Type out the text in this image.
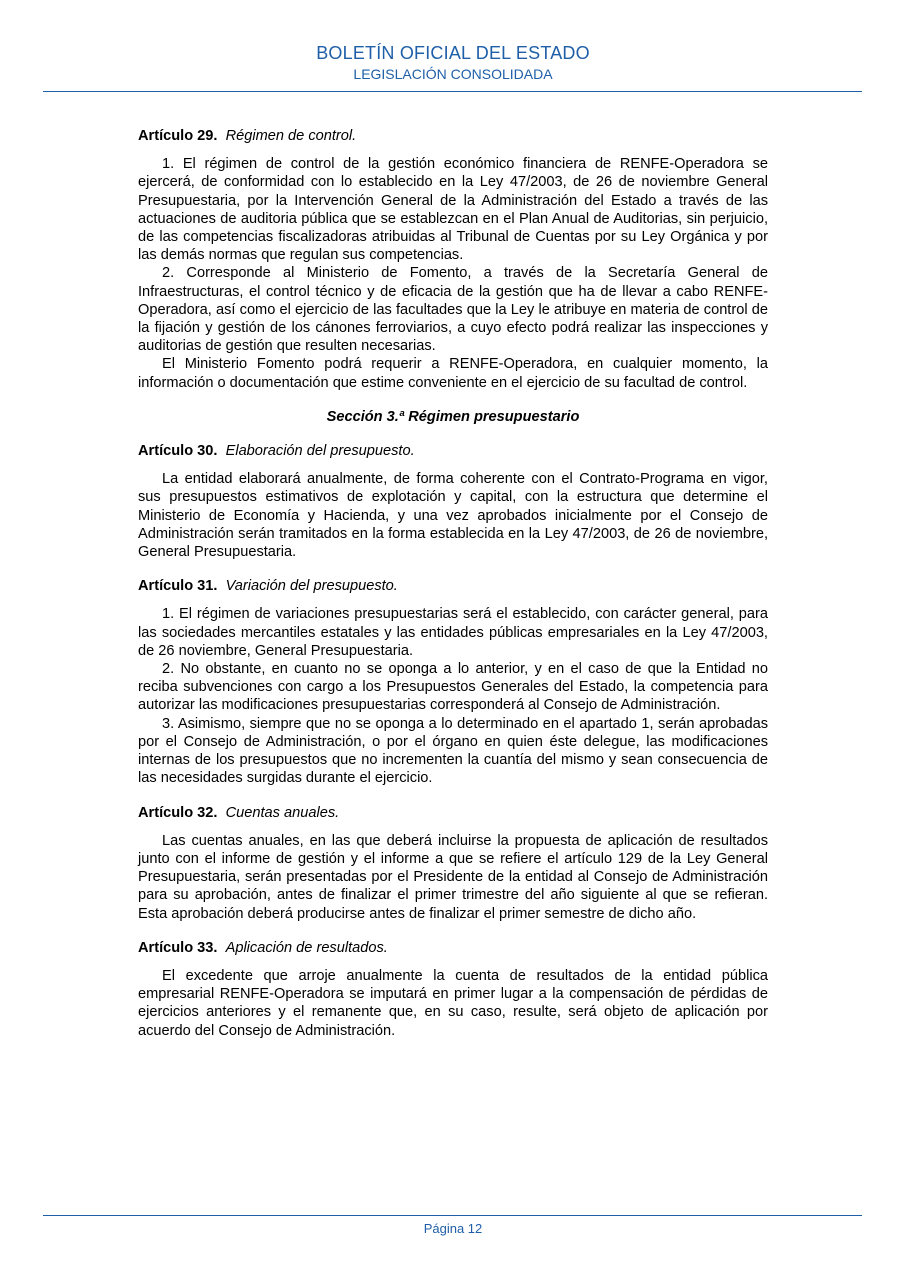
BOLETÍN OFICIAL DEL ESTADO
LEGISLACIÓN CONSOLIDADA
Artículo 29. Régimen de control.

1. El régimen de control de la gestión económico financiera de RENFE-Operadora se ejercerá, de conformidad con lo establecido en la Ley 47/2003, de 26 de noviembre General Presupuestaria, por la Intervención General de la Administración del Estado a través de las actuaciones de auditoria pública que se establezcan en el Plan Anual de Auditorias, sin perjuicio, de las competencias fiscalizadoras atribuidas al Tribunal de Cuentas por su Ley Orgánica y por las demás normas que regulan sus competencias.

2. Corresponde al Ministerio de Fomento, a través de la Secretaría General de Infraestructuras, el control técnico y de eficacia de la gestión que ha de llevar a cabo RENFE-Operadora, así como el ejercicio de las facultades que la Ley le atribuye en materia de control de la fijación y gestión de los cánones ferroviarios, a cuyo efecto podrá realizar las inspecciones y auditorias de gestión que resulten necesarias.

El Ministerio Fomento podrá requerir a RENFE-Operadora, en cualquier momento, la información o documentación que estime conveniente en el ejercicio de su facultad de control.

Sección 3.ª Régimen presupuestario
Artículo 30. Elaboración del presupuesto.

La entidad elaborará anualmente, de forma coherente con el Contrato-Programa en vigor, sus presupuestos estimativos de explotación y capital, con la estructura que determine el Ministerio de Economía y Hacienda, y una vez aprobados inicialmente por el Consejo de Administración serán tramitados en la forma establecida en la Ley 47/2003, de 26 de noviembre, General Presupuestaria.

Artículo 31. Variación del presupuesto.

1. El régimen de variaciones presupuestarias será el establecido, con carácter general, para las sociedades mercantiles estatales y las entidades públicas empresariales en la Ley 47/2003, de 26 noviembre, General Presupuestaria.

2. No obstante, en cuanto no se oponga a lo anterior, y en el caso de que la Entidad no reciba subvenciones con cargo a los Presupuestos Generales del Estado, la competencia para autorizar las modificaciones presupuestarias corresponderá al Consejo de Administración.

3. Asimismo, siempre que no se oponga a lo determinado en el apartado 1, serán aprobadas por el Consejo de Administración, o por el órgano en quien éste delegue, las modificaciones internas de los presupuestos que no incrementen la cuantía del mismo y sean consecuencia de las necesidades surgidas durante el ejercicio.

Artículo 32. Cuentas anuales.

Las cuentas anuales, en las que deberá incluirse la propuesta de aplicación de resultados junto con el informe de gestión y el informe a que se refiere el artículo 129 de la Ley General Presupuestaria, serán presentadas por el Presidente de la entidad al Consejo de Administración para su aprobación, antes de finalizar el primer trimestre del año siguiente al que se refieran. Esta aprobación deberá producirse antes de finalizar el primer semestre de dicho año.

Artículo 33. Aplicación de resultados.

El excedente que arroje anualmente la cuenta de resultados de la entidad pública empresarial RENFE-Operadora se imputará en primer lugar a la compensación de pérdidas de ejercicios anteriores y el remanente que, en su caso, resulte, será objeto de aplicación por acuerdo del Consejo de Administración.

Página 12
